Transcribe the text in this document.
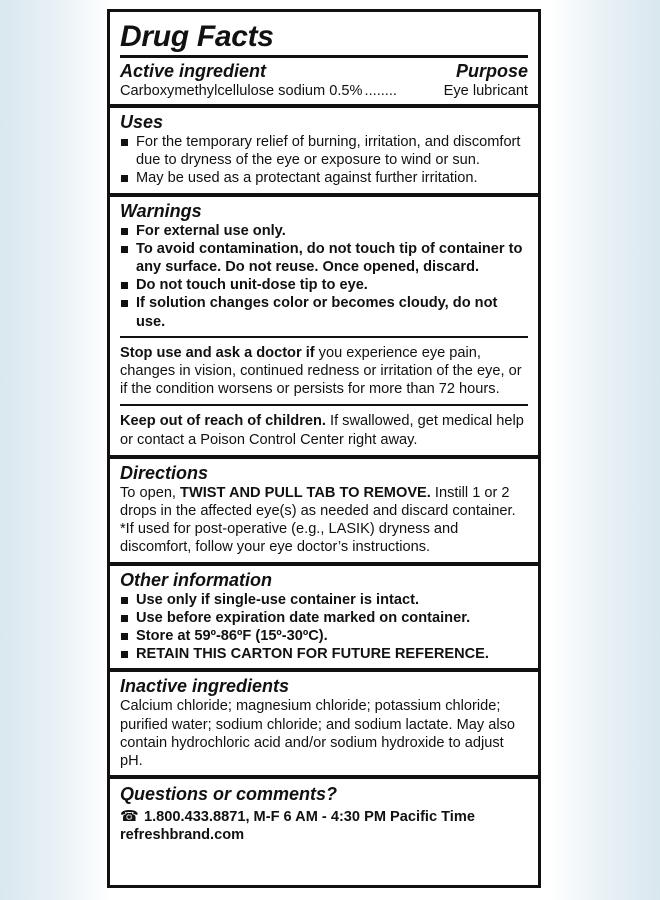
Drug Facts
Active ingredient	Purpose
Carboxymethylcellulose sodium 0.5% ........	Eye lubricant
Uses
For the temporary relief of burning, irritation, and discomfort due to dryness of the eye or exposure to wind or sun.
May be used as a protectant against further irritation.
Warnings
For external use only.
To avoid contamination, do not touch tip of container to any surface. Do not reuse. Once opened, discard.
Do not touch unit-dose tip to eye.
If solution changes color or becomes cloudy, do not use.

Stop use and ask a doctor if you experience eye pain, changes in vision, continued redness or irritation of the eye, or if the condition worsens or persists for more than 72 hours.

Keep out of reach of children. If swallowed, get medical help or contact a Poison Control Center right away.

Directions

To open, TWIST AND PULL TAB TO REMOVE. Instill 1 or 2 drops in the affected eye(s) as needed and discard container.

*If used for post-operative (e.g., LASIK) dryness and discomfort, follow your eye doctor’s instructions.

Other information
Use only if single-use container is intact.
Use before expiration date marked on container.
Store at 59º-86ºF (15º-30ºC).
RETAIN THIS CARTON FOR FUTURE REFERENCE.
Inactive ingredients

Calcium chloride; magnesium chloride; potassium chloride; purified water; sodium chloride; and sodium lactate. May also contain hydrochloric acid and/or sodium hydroxide to adjust pH.

Questions or comments?

☎ 1.800.433.8871, M-F 6 AM - 4:30 PM Pacific Time

refreshbrand.com
